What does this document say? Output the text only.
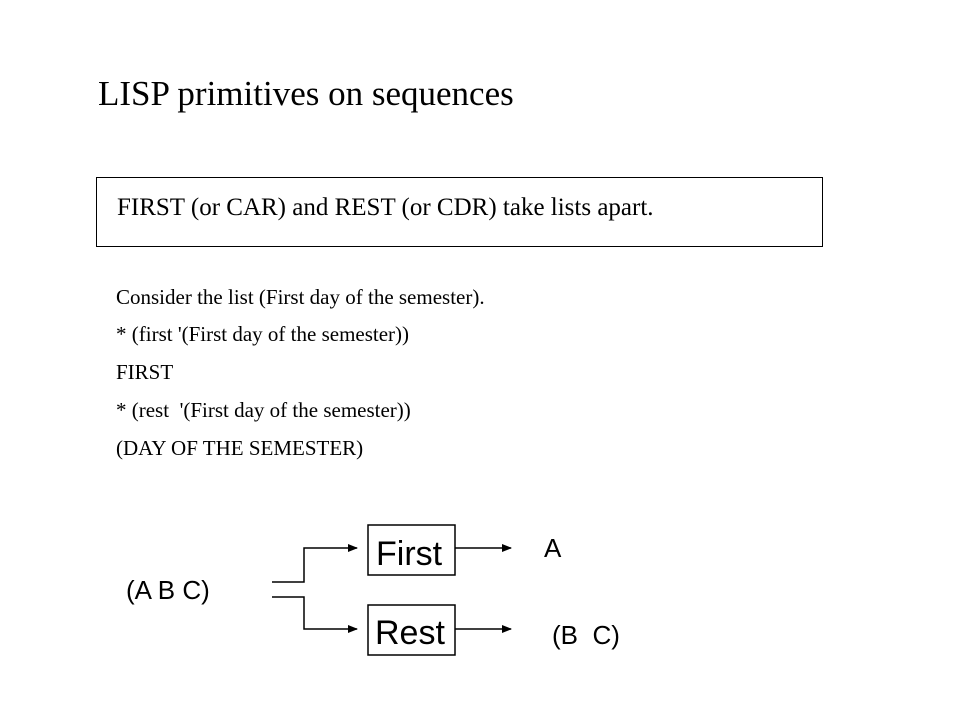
LISP primitives on sequences
FIRST (or CAR) and REST (or CDR) take lists apart.
Consider the list (First day of the semester).
* (first '(First day of the semester))
FIRST
* (rest  '(First day of the semester))
(DAY OF THE SEMESTER)
(A B C)
First
Rest
A
(B  C)
